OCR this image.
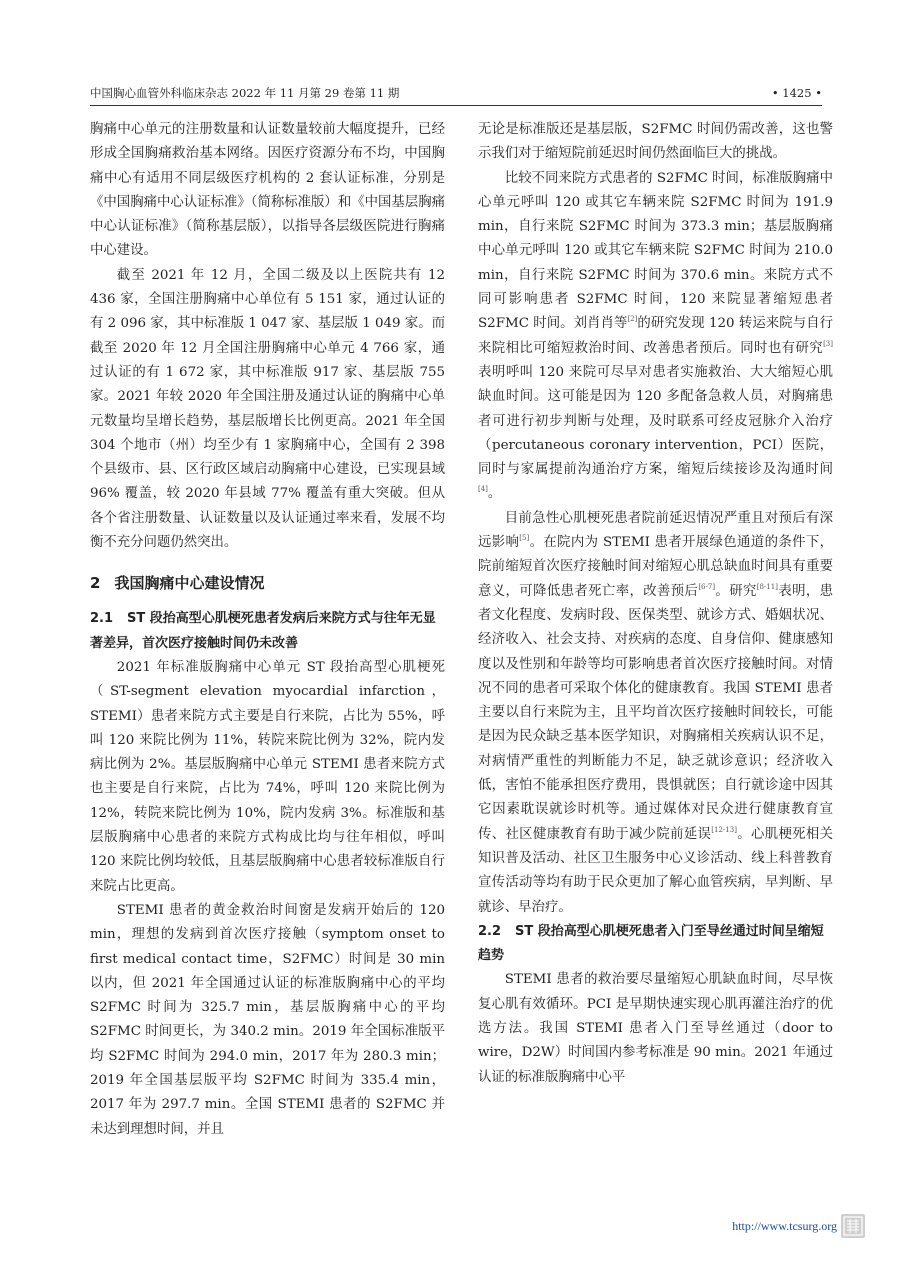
中国胸心血管外科临床杂志 2022 年 11 月第 29 卷第 11 期	• 1425 •

胸痛中心单元的注册数量和认证数量较前大幅度提升，已经形成全国胸痛救治基本网络。因医疗资源分布不均，中国胸痛中心有适用不同层级医疗机构的 2 套认证标准，分别是《中国胸痛中心认证标准》（简称标准版）和《中国基层胸痛中心认证标准》（简称基层版），以指导各层级医院进行胸痛中心建设。

截至 2021 年 12 月，全国二级及以上医院共有 12 436 家，全国注册胸痛中心单位有 5 151 家，通过认证的有 2 096 家，其中标准版 1 047 家、基层版 1 049 家。而截至 2020 年 12 月全国注册胸痛中心单元 4 766 家，通过认证的有 1 672 家，其中标准版 917 家、基层版 755 家。2021 年较 2020 年全国注册及通过认证的胸痛中心单元数量均呈增长趋势，基层版增长比例更高。2021 年全国 304 个地市（州）均至少有 1 家胸痛中心，全国有 2 398 个县级市、县、区行政区域启动胸痛中心建设，已实现县域 96% 覆盖，较 2020 年县域 77% 覆盖有重大突破。但从各个省注册数量、认证数量以及认证通过率来看，发展不均衡不充分问题仍然突出。

2 我国胸痛中心建设情况
2.1 ST 段抬高型心肌梗死患者发病后来院方式与往年无显著差异，首次医疗接触时间仍未改善

2021 年标准版胸痛中心单元 ST 段抬高型心肌梗死（ST-segment elevation myocardial infarction，STEMI）患者来院方式主要是自行来院，占比为 55%，呼叫 120 来院比例为 11%，转院来院比例为 32%，院内发病比例为 2%。基层版胸痛中心单元 STEMI 患者来院方式也主要是自行来院，占比为 74%，呼叫 120 来院比例为 12%，转院来院比例为 10%，院内发病 3%。标准版和基层版胸痛中心患者的来院方式构成比均与往年相似，呼叫 120 来院比例均较低，且基层版胸痛中心患者较标准版自行来院占比更高。

STEMI 患者的黄金救治时间窗是发病开始后的 120 min，理想的发病到首次医疗接触（symptom onset to first medical contact time，S2FMC）时间是 30 min 以内，但 2021 年全国通过认证的标准版胸痛中心的平均 S2FMC 时间为 325.7 min，基层版胸痛中心的平均 S2FMC 时间更长，为 340.2 min。2019 年全国标准版平均 S2FMC 时间为 294.0 min，2017 年为 280.3 min；2019 年全国基层版平均 S2FMC 时间为 335.4 min，2017 年为 297.7 min。全国 STEMI 患者的 S2FMC 并未达到理想时间，并且

无论是标准版还是基层版，S2FMC 时间仍需改善，这也警示我们对于缩短院前延迟时间仍然面临巨大的挑战。

比较不同来院方式患者的 S2FMC 时间，标准版胸痛中心单元呼叫 120 或其它车辆来院 S2FMC 时间为 191.9 min，自行来院 S2FMC 时间为 373.3 min；基层版胸痛中心单元呼叫 120 或其它车辆来院 S2FMC 时间为 210.0 min，自行来院 S2FMC 时间为 370.6 min。来院方式不同可影响患者 S2FMC 时间，120 来院显著缩短患者 S2FMC 时间。刘肖肖等[2]的研究发现 120 转运来院与自行来院相比可缩短救治时间、改善患者预后。同时也有研究[3]表明呼叫 120 来院可尽早对患者实施救治、大大缩短心肌缺血时间。这可能是因为 120 多配备急救人员，对胸痛患者可进行初步判断与处理，及时联系可经皮冠脉介入治疗（percutaneous coronary intervention，PCI）医院，同时与家属提前沟通治疗方案，缩短后续接诊及沟通时间[4]。

目前急性心肌梗死患者院前延迟情况严重且对预后有深远影响[5]。在院内为 STEMI 患者开展绿色通道的条件下，院前缩短首次医疗接触时间对缩短心肌总缺血时间具有重要意义，可降低患者死亡率，改善预后[6-7]。研究[8-11]表明，患者文化程度、发病时段、医保类型、就诊方式、婚姻状况、经济收入、社会支持、对疾病的态度、自身信仰、健康感知度以及性别和年龄等均可影响患者首次医疗接触时间。对情况不同的患者可采取个体化的健康教育。我国 STEMI 患者主要以自行来院为主，且平均首次医疗接触时间较长，可能是因为民众缺乏基本医学知识，对胸痛相关疾病认识不足，对病情严重性的判断能力不足，缺乏就诊意识；经济收入低，害怕不能承担医疗费用，畏惧就医；自行就诊途中因其它因素耽误就诊时机等。通过媒体对民众进行健康教育宣传、社区健康教育有助于减少院前延误[12-13]。心肌梗死相关知识普及活动、社区卫生服务中心义诊活动、线上科普教育宣传活动等均有助于民众更加了解心血管疾病，早判断、早就诊、早治疗。

2.2 ST 段抬高型心肌梗死患者入门至导丝通过时间呈缩短趋势

STEMI 患者的救治要尽量缩短心肌缺血时间，尽早恢复心肌有效循环。PCI 是早期快速实现心肌再灌注治疗的优选方法。我国 STEMI 患者入门至导丝通过（door to wire，D2W）时间国内参考标准是 90 min。2021 年通过认证的标准版胸痛中心平

http://www.tcsurg.org
